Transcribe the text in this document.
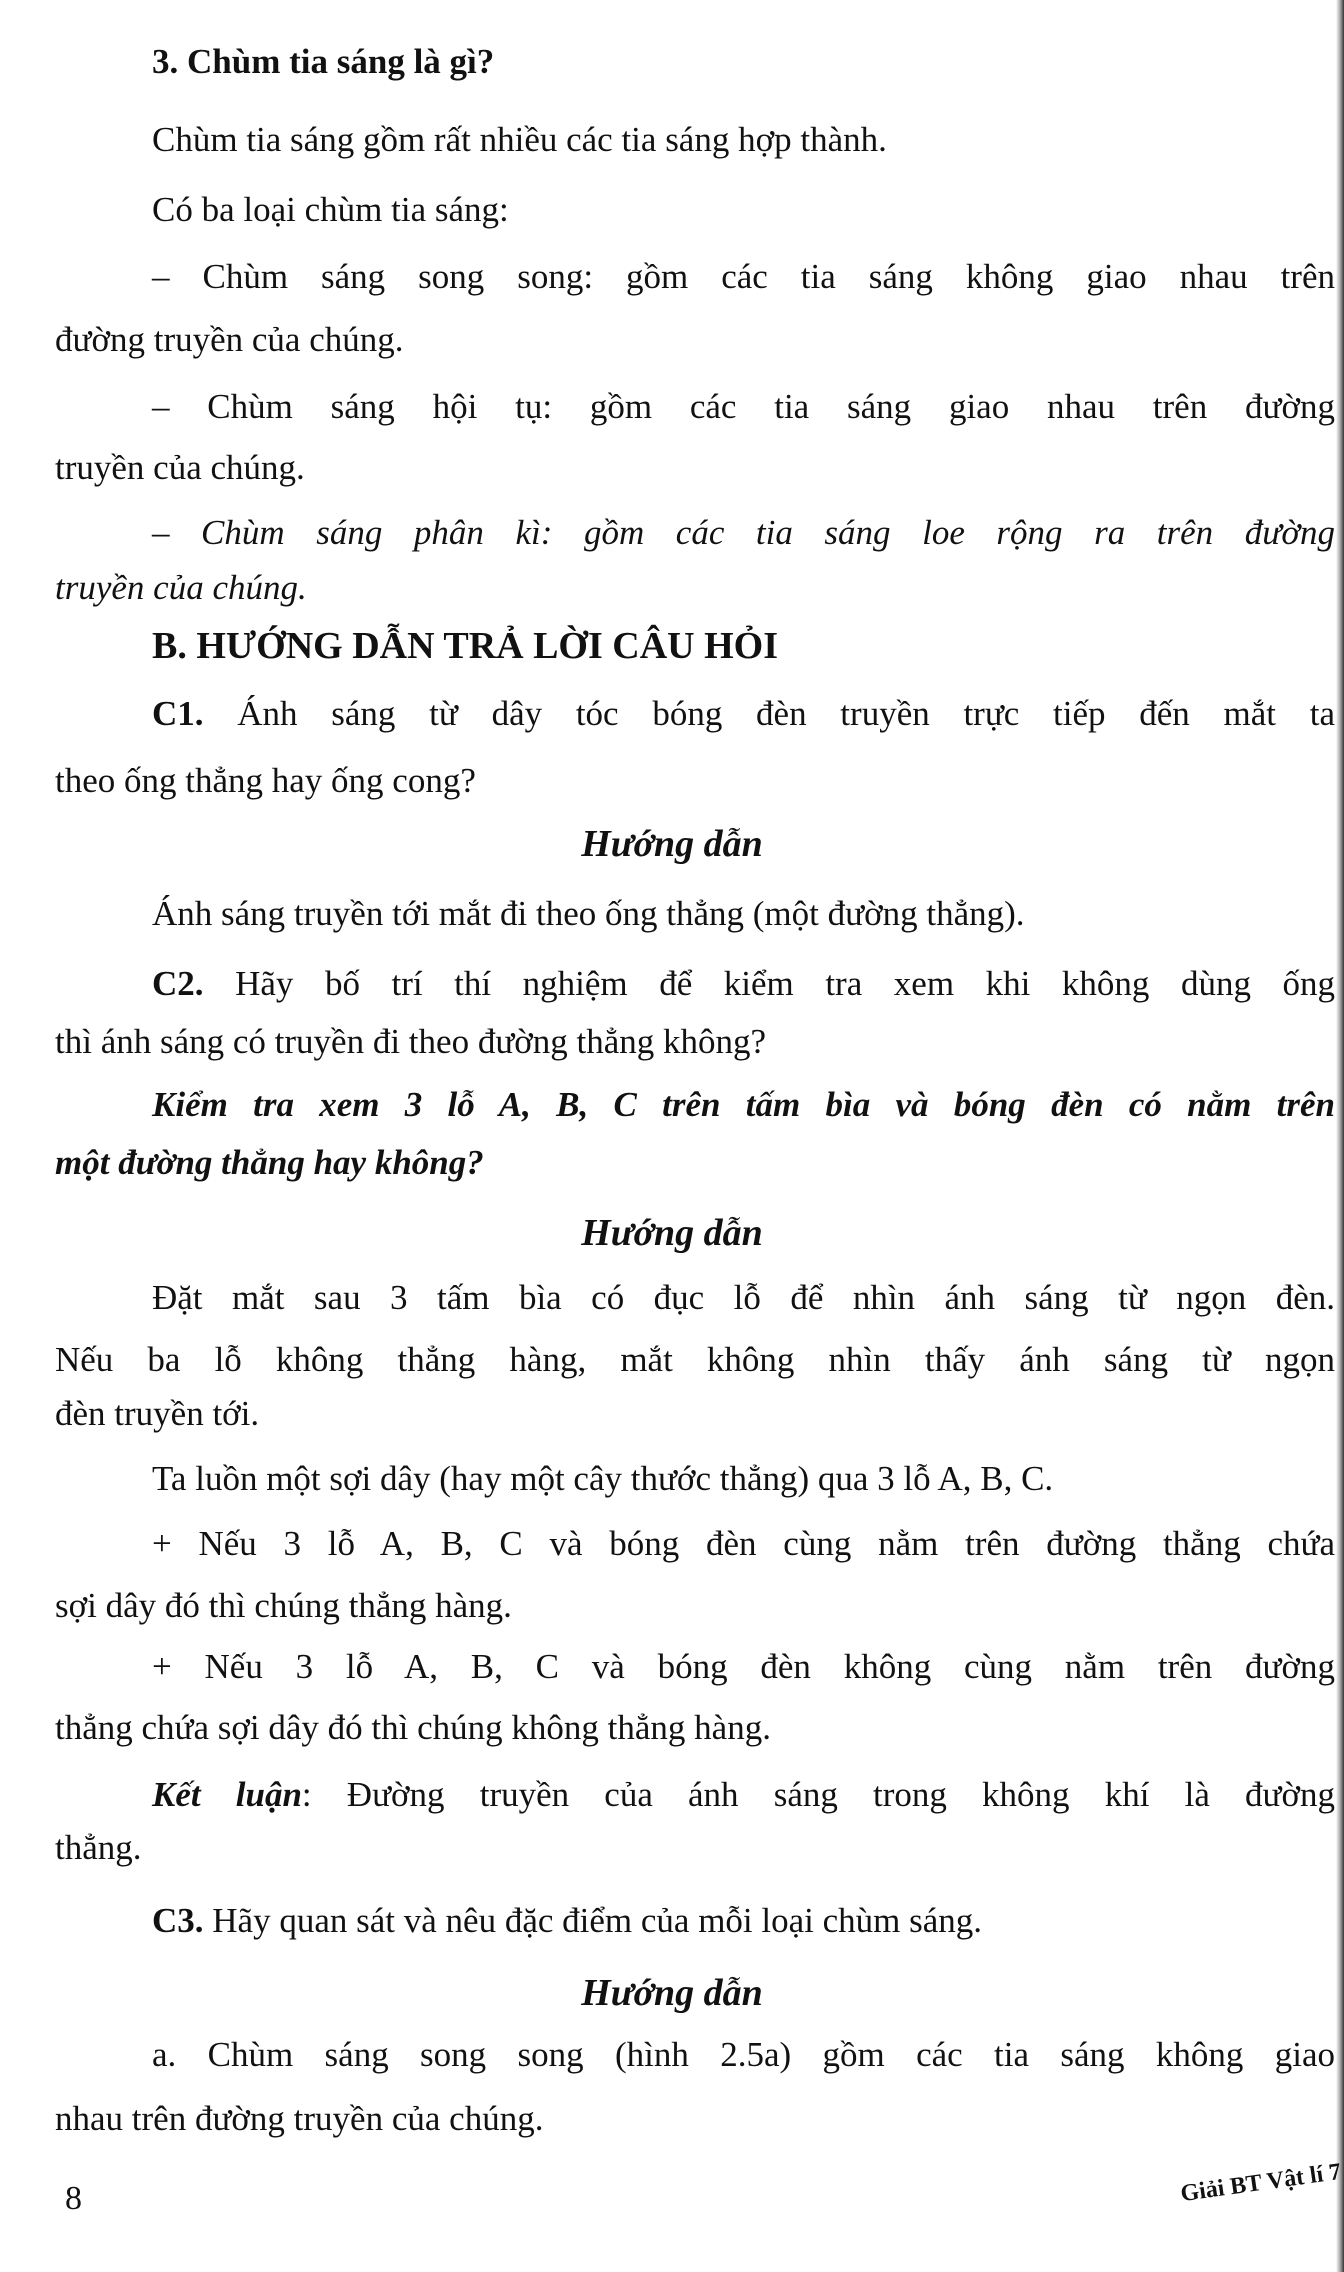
3. Chùm tia sáng là gì?
Chùm tia sáng gồm rất nhiều các tia sáng hợp thành.
Có ba loại chùm tia sáng:
– Chùm sáng song song: gồm các tia sáng không giao nhau trên
đường truyền của chúng.
– Chùm sáng hội tụ: gồm các tia sáng giao nhau trên đường
truyền của chúng.
– Chùm sáng phân kì: gồm các tia sáng loe rộng ra trên đường
truyền của chúng.
B. HƯỚNG DẪN TRẢ LỜI CÂU HỎI
C1. Ánh sáng từ dây tóc bóng đèn truyền trực tiếp đến mắt ta
theo ống thẳng hay ống cong?
Hướng dẫn
Ánh sáng truyền tới mắt đi theo ống thẳng (một đường thẳng).
C2. Hãy bố trí thí nghiệm để kiểm tra xem khi không dùng ống
thì ánh sáng có truyền đi theo đường thẳng không?
Kiểm tra xem 3 lỗ A, B, C trên tấm bìa và bóng đèn có nằm trên
một đường thẳng hay không?
Hướng dẫn
Đặt mắt sau 3 tấm bìa có đục lỗ để nhìn ánh sáng từ ngọn đèn.
Nếu ba lỗ không thẳng hàng, mắt không nhìn thấy ánh sáng từ ngọn
đèn truyền tới.
Ta luồn một sợi dây (hay một cây thước thẳng) qua 3 lỗ A, B, C.
+ Nếu 3 lỗ A, B, C và bóng đèn cùng nằm trên đường thẳng chứa
sợi dây đó thì chúng thẳng hàng.
+ Nếu 3 lỗ A, B, C và bóng đèn không cùng nằm trên đường
thẳng chứa sợi dây đó thì chúng không thẳng hàng.
Kết luận: Đường truyền của ánh sáng trong không khí là đường
thẳng.
C3. Hãy quan sát và nêu đặc điểm của mỗi loại chùm sáng.
Hướng dẫn
a. Chùm sáng song song (hình 2.5a) gồm các tia sáng không giao
nhau trên đường truyền của chúng.
8	Giải BT Vật lí 7
